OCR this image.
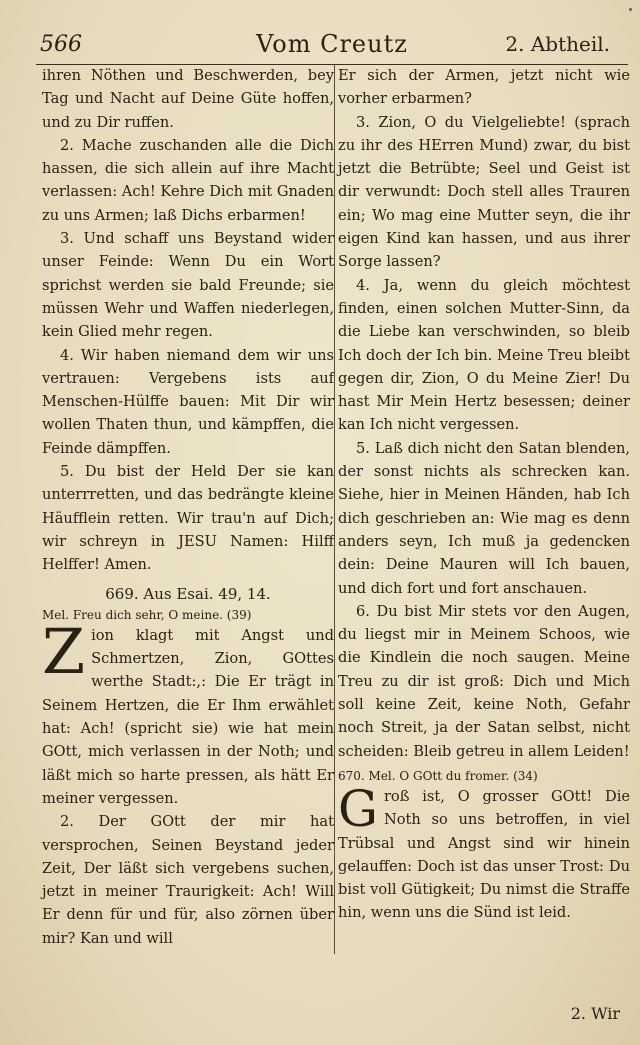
566	Vom Creutz	2. Abtheil.

ihren Nöthen und Beschwerden, bey Tag und Nacht auf Deine Güte hoffen, und zu Dir ruffen.

2. Mache zuschanden alle die Dich hassen, die sich allein auf ihre Macht verlassen: Ach! Kehre Dich mit Gnaden zu uns Armen; laß Dichs erbarmen!

3. Und schaff uns Beystand wider unser Feinde: Wenn Du ein Wort sprichst werden sie bald Freunde; sie müssen Wehr und Waffen niederlegen, kein Glied mehr regen.

4. Wir haben niemand dem wir uns vertrauen: Vergebens ists auf Menschen-Hülffe bauen: Mit Dir wir wollen Thaten thun, und kämpffen, die Feinde dämpffen.

5. Du bist der Held Der sie kan unterrretten, und das bedrängte kleine Häufflein retten. Wir trau'n auf Dich; wir schreyn in JESU Namen: Hilff Helffer! Amen.

669. Aus Esai. 49, 14.

Mel. Freu dich sehr, O meine. (39)

Zion klagt mit Angst und Schmertzen, Zion, GOttes werthe Stadt:,: Die Er trägt in Seinem Hertzen, die Er Ihm erwählet hat: Ach! (spricht sie) wie hat mein GOtt, mich verlassen in der Noth; und läßt mich so harte pressen, als hätt Er meiner vergessen.

2. Der GOtt der mir hat versprochen, Seinen Beystand jeder Zeit, Der läßt sich vergebens suchen, jetzt in meiner Traurigkeit: Ach! Will Er denn für und für, also zörnen über mir? Kan und will

Er sich der Armen, jetzt nicht wie vorher erbarmen?

3. Zion, O du Vielgeliebte! (sprach zu ihr des HErren Mund) zwar, du bist jetzt die Betrübte; Seel und Geist ist dir verwundt: Doch stell alles Trauren ein; Wo mag eine Mutter seyn, die ihr eigen Kind kan hassen, und aus ihrer Sorge lassen?

4. Ja, wenn du gleich möchtest finden, einen solchen Mutter-Sinn, da die Liebe kan verschwinden, so bleib Ich doch der Ich bin. Meine Treu bleibt gegen dir, Zion, O du Meine Zier! Du hast Mir Mein Hertz besessen; deiner kan Ich nicht vergessen.

5. Laß dich nicht den Satan blenden, der sonst nichts als schrecken kan. Siehe, hier in Meinen Händen, hab Ich dich geschrieben an: Wie mag es denn anders seyn, Ich muß ja gedencken dein: Deine Mauren will Ich bauen, und dich fort und fort anschauen.

6. Du bist Mir stets vor den Augen, du liegst mir in Meinem Schoos, wie die Kindlein die noch saugen. Meine Treu zu dir ist groß: Dich und Mich soll keine Zeit, keine Noth, Gefahr noch Streit, ja der Satan selbst, nicht scheiden: Bleib getreu in allem Leiden!

670. Mel. O GOtt du fromer. (34)

Groß ist, O grosser GOtt! Die Noth so uns betroffen, in viel Trübsal und Angst sind wir hinein gelauffen: Doch ist das unser Trost: Du bist voll Gütigkeit; Du nimst die Straffe hin, wenn uns die Sünd ist leid.

2. Wir
